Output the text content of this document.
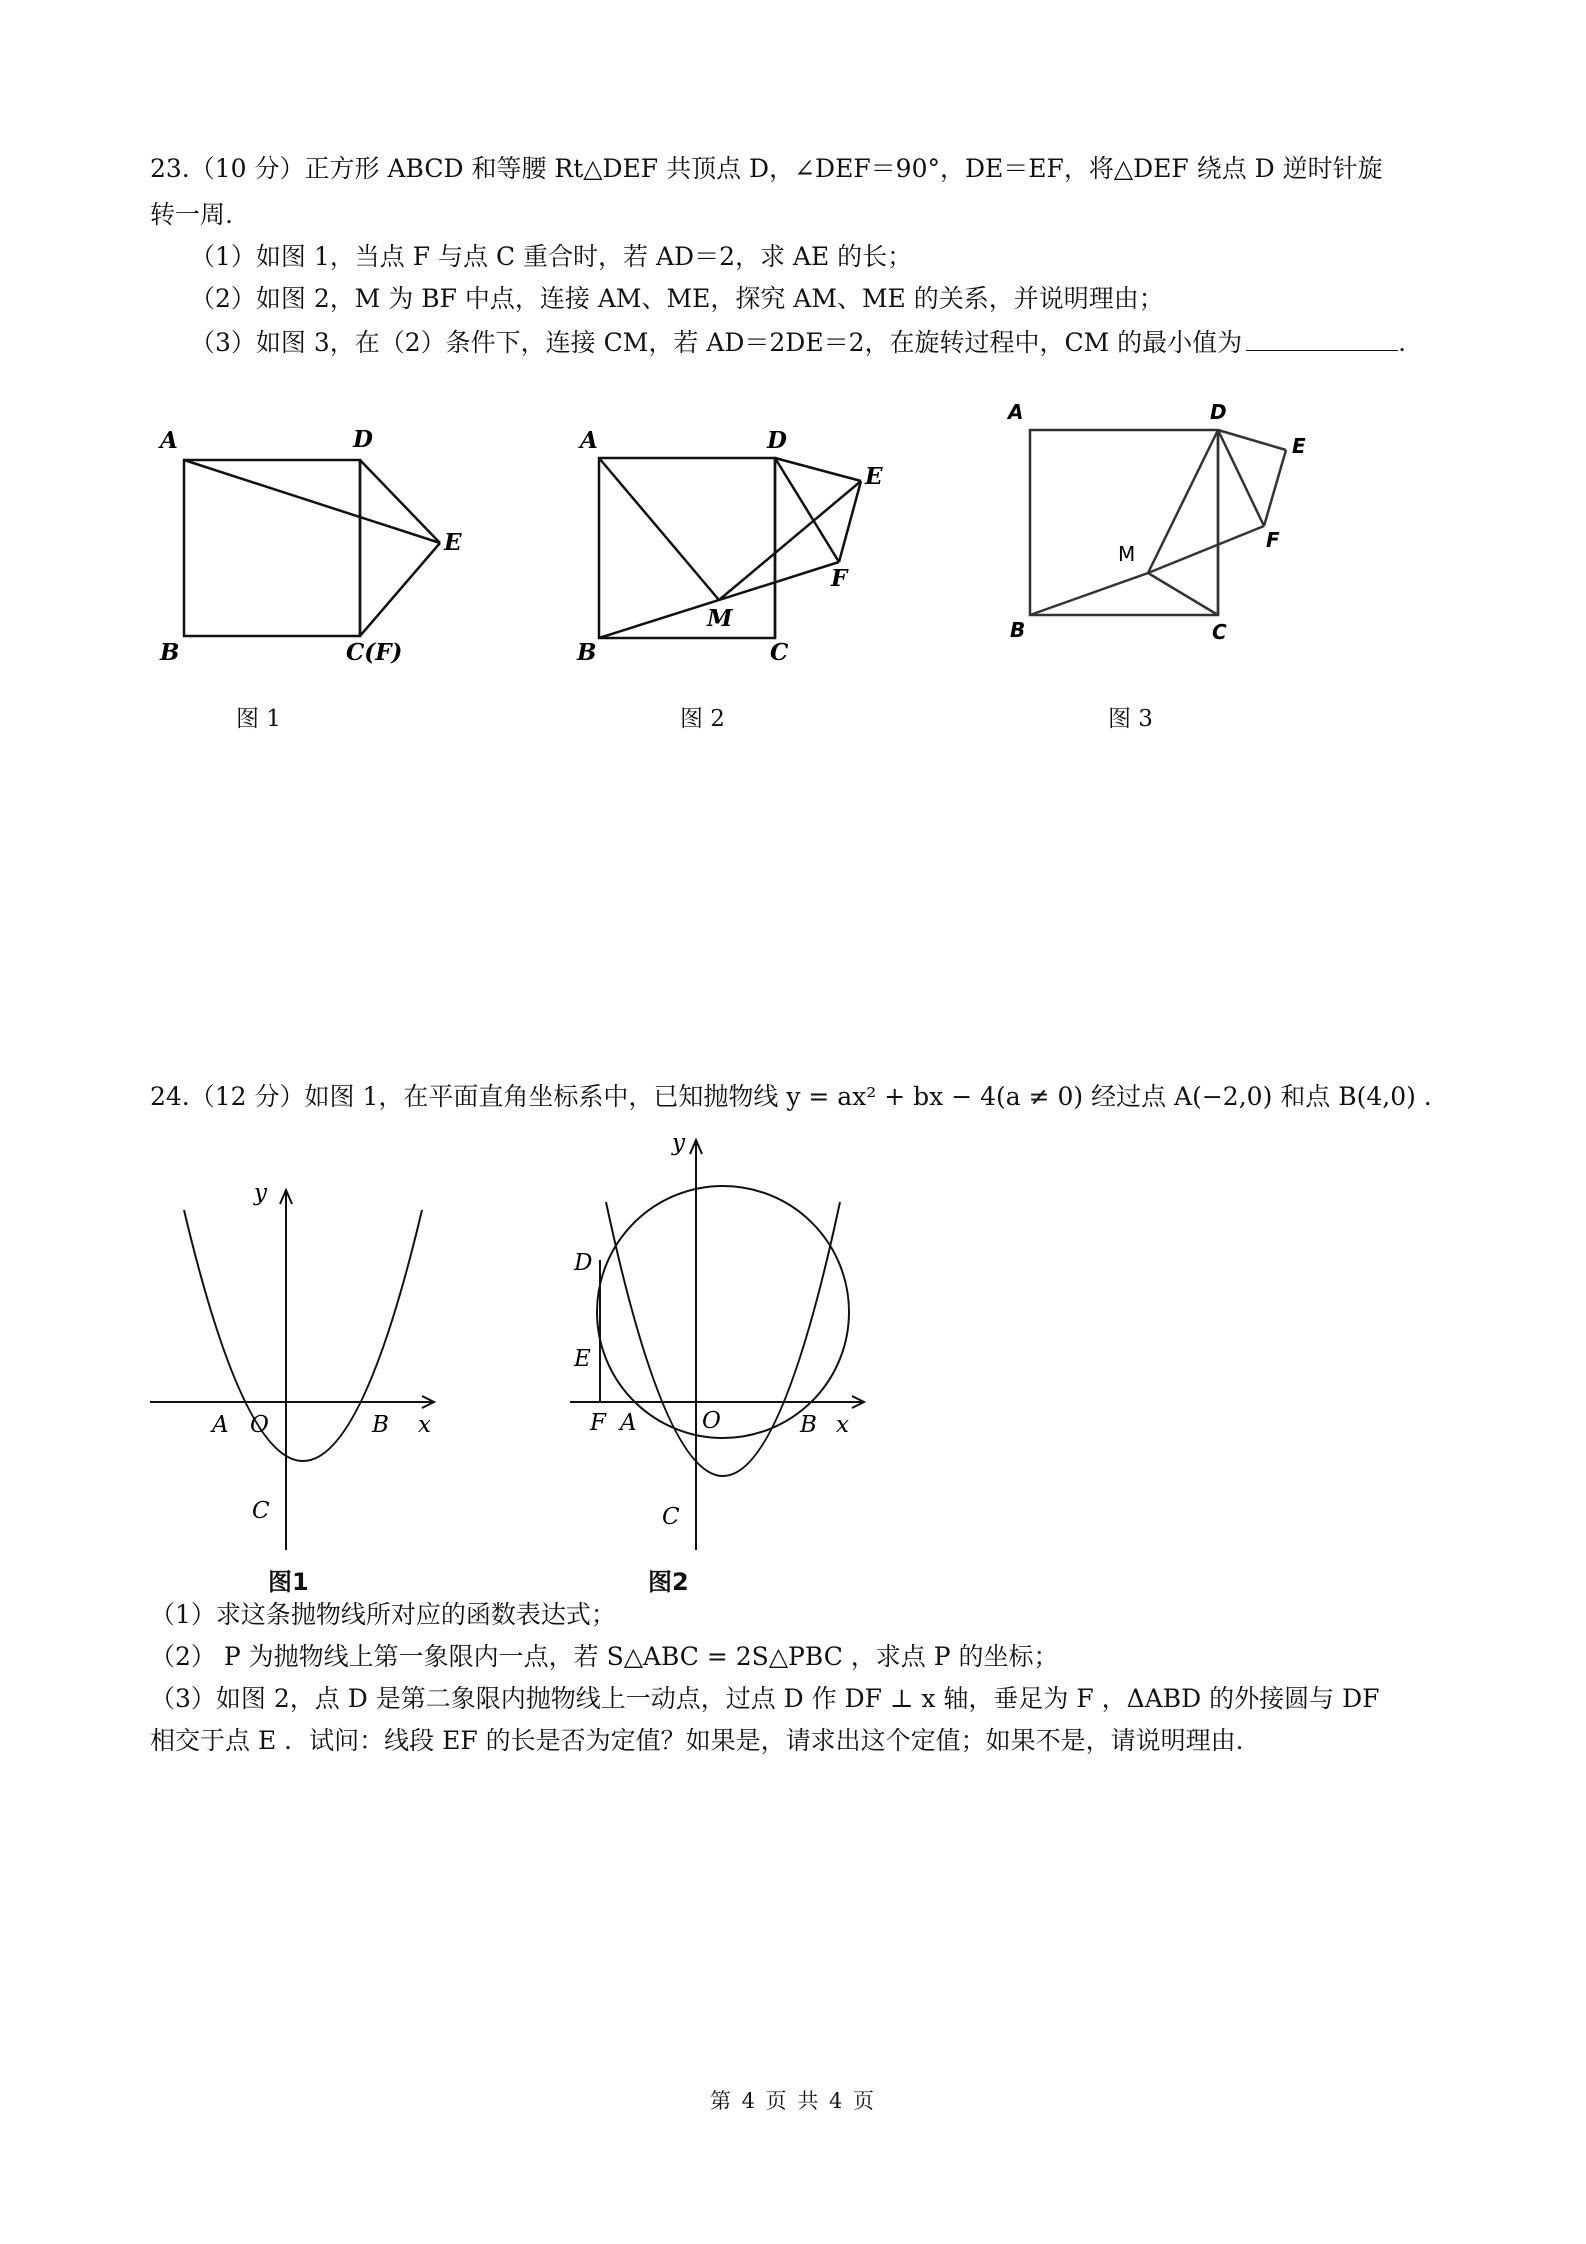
23.（10 分）正方形 ABCD 和等腰 Rt△DEF 共顶点 D，∠DEF＝90°，DE＝EF，将△DEF 绕点 D 逆时针旋
转一周.
（1）如图 1，当点 F 与点 C 重合时，若 AD＝2，求 AE 的长；
（2）如图 2，M 为 BF 中点，连接 AM、ME，探究 AM、ME 的关系，并说明理由；
（3）如图 3，在（2）条件下，连接 CM，若 AD＝2DE＝2，在旋转过程中，CM 的最小值为	.
A	D
E
B	C(F)
图 1
A	D
E
F
M
B	C
图 2
A	D
E
F
M
B	C
图 3
24.（12 分）如图 1，在平面直角坐标系中，已知抛物线 y = ax² + bx − 4(a ≠ 0) 经过点 A(−2,0) 和点 B(4,0) .
y
x
A O	B
C
图1
y
x
D
E
F A	O	B
C
图2
（1）求这条抛物线所对应的函数表达式；
（2） P 为抛物线上第一象限内一点，若 S△ABC = 2S△PBC ，求点 P 的坐标；
（3）如图 2，点 D 是第二象限内抛物线上一动点，过点 D 作 DF ⊥ x 轴，垂足为 F ，ΔABD 的外接圆与 DF
相交于点 E ．试问：线段 EF 的长是否为定值？如果是，请求出这个定值；如果不是，请说明理由．
第 4 页 共 4 页
